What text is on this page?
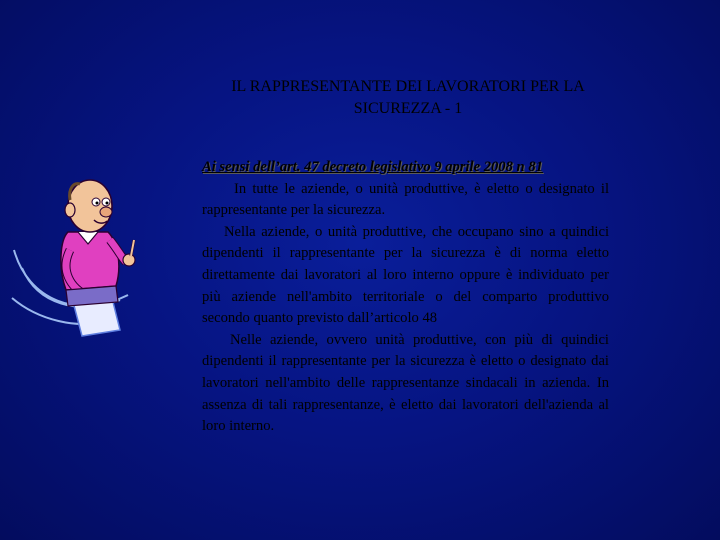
IL RAPPRESENTANTE DEI LAVORATORI PER LA SICUREZZA - 1

Ai sensi dell’art. 47 decreto legislativo 9 aprile 2008 n 81

In tutte le aziende, o unità produttive, è eletto o designato il rappresentante per la sicurezza.

Nella aziende, o unità produttive, che occupano sino a quindici dipendenti il rappresentante per la sicurezza è di norma eletto direttamente dai lavoratori al loro interno oppure è individuato per più aziende nell'ambito territoriale o del comparto produttivo secondo quanto previsto dall’articolo 48

Nelle aziende, ovvero unità produttive, con più di quindici dipendenti il rappresentante per la sicurezza è eletto o designato dai lavoratori nell'ambito delle rappresentanze sindacali in azienda. In assenza di tali rappresentanze, è eletto dai lavoratori dell'azienda al loro interno.
